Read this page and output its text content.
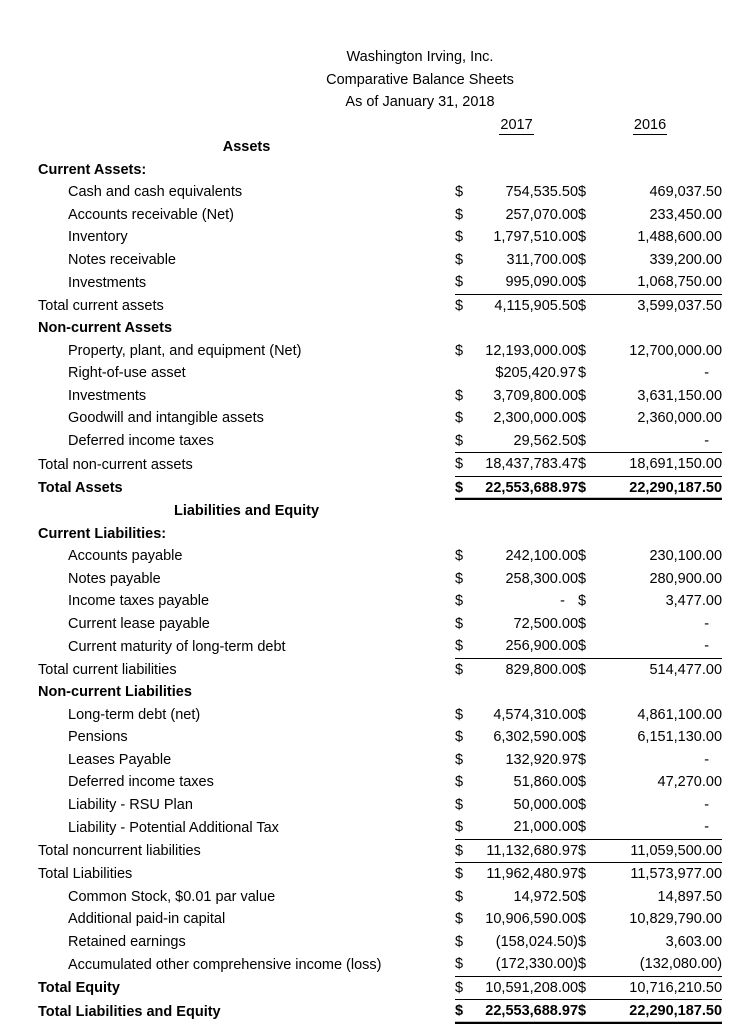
Washington Irving, Inc.
Comparative Balance Sheets
As of January 31, 2018
	2017		2016	
Assets				
Current Assets:				
Cash and cash equivalents	$	754,535.50	$	469,037.50
Accounts receivable (Net)	$	257,070.00	$	233,450.00
Inventory	$	1,797,510.00	$	1,488,600.00
Notes receivable	$	311,700.00	$	339,200.00
Investments	$	995,090.00	$	1,068,750.00
Total current assets	$	4,115,905.50	$	3,599,037.50
Non-current Assets				
Property, plant, and equipment (Net)	$	12,193,000.00	$	12,700,000.00
Right-of-use asset		$205,420.97	$	-
Investments	$	3,709,800.00	$	3,631,150.00
Goodwill and intangible assets	$	2,300,000.00	$	2,360,000.00
Deferred income taxes	$	29,562.50	$	-
Total non-current assets	$	18,437,783.47	$	18,691,150.00
Total Assets	$	22,553,688.97	$	22,290,187.50
Liabilities and Equity				
Current Liabilities:				
Accounts payable	$	242,100.00	$	230,100.00
Notes payable	$	258,300.00	$	280,900.00
Income taxes payable	$	-	$	3,477.00
Current lease payable	$	72,500.00	$	-
Current maturity of long-term debt	$	256,900.00	$	-
Total current liabilities	$	829,800.00	$	514,477.00
Non-current Liabilities				
Long-term debt (net)	$	4,574,310.00	$	4,861,100.00
Pensions	$	6,302,590.00	$	6,151,130.00
Leases Payable	$	132,920.97	$	-
Deferred income taxes	$	51,860.00	$	47,270.00
Liability - RSU Plan	$	50,000.00	$	-
Liability - Potential Additional Tax	$	21,000.00	$	-
Total noncurrent liabilities	$	11,132,680.97	$	11,059,500.00
Total Liabilities	$	11,962,480.97	$	11,573,977.00
Common Stock, $0.01 par value	$	14,972.50	$	14,897.50
Additional paid-in capital	$	10,906,590.00	$	10,829,790.00
Retained earnings	$	(158,024.50)	$	3,603.00
Accumulated other comprehensive income (loss)	$	(172,330.00)	$	(132,080.00)
Total Equity	$	10,591,208.00	$	10,716,210.50
Total Liabilities and Equity	$	22,553,688.97	$	22,290,187.50
